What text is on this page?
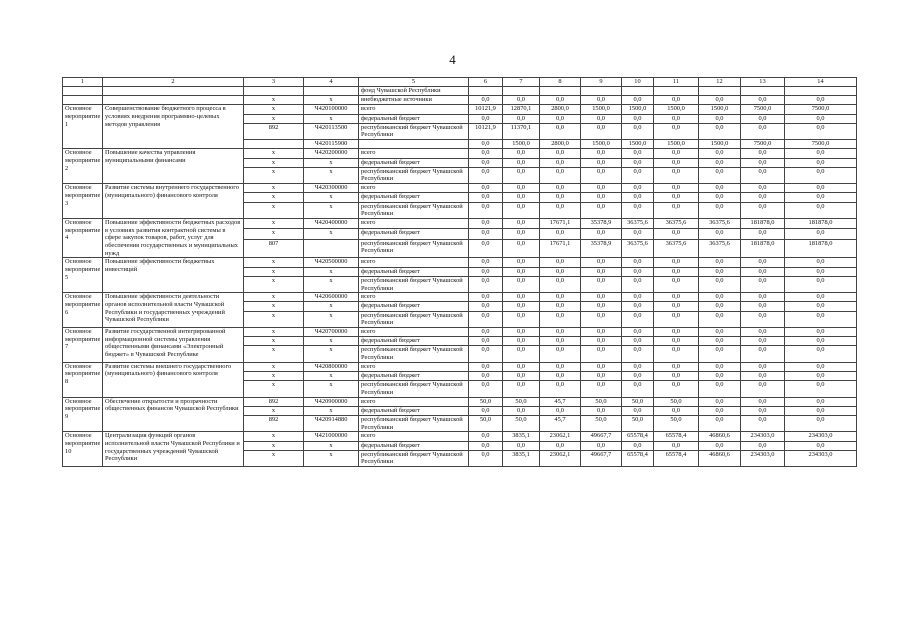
4
1	2	3	4	5	6	7	8	9	10	11	12	13	14
				фонд Чувашской Республики									
		х	х	внебюджетные источники	0,0	0,0	0,0	0,0	0,0	0,0	0,0	0,0	0,0
Основное мероприятие 1	Совершенствование бюджетного процесса в условиях внедрения программно-целевых методов управления	х	Ч420100000	всего	10121,9	12870,1	2800,0	1500,0	1500,0	1500,0	1500,0	7500,0	7500,0
		х	х	федеральный бюджет	0,0	0,0	0,0	0,0	0,0	0,0	0,0	0,0	0,0
		892	Ч420113500	республиканский бюджет Чувашской Республики	10121,9	11370,1	0,0	0,0	0,0	0,0	0,0	0,0	0,0
			Ч420115900		0,0	1500,0	2800,0	1500,0	1500,0	1500,0	1500,0	7500,0	7500,0
Основное мероприятие 2	Повышение качества управления муниципальными финансами	х	Ч420200000	всего	0,0	0,0	0,0	0,0	0,0	0,0	0,0	0,0	0,0
		х	х	федеральный бюджет	0,0	0,0	0,0	0,0	0,0	0,0	0,0	0,0	0,0
		х	х	республиканский бюджет Чувашской Республики	0,0	0,0	0,0	0,0	0,0	0,0	0,0	0,0	0,0
Основное мероприятие 3	Развитие системы внутреннего государственного (муниципального) финансового контроля	х	Ч420300000	всего	0,0	0,0	0,0	0,0	0,0	0,0	0,0	0,0	0,0
		х	х	федеральный бюджет	0,0	0,0	0,0	0,0	0,0	0,0	0,0	0,0	0,0
		х	х	республиканский бюджет Чувашской Республики	0,0	0,0	0,0	0,0	0,0	0,0	0,0	0,0	0,0
Основное мероприятие 4	Повышение эффективности бюджетных расходов в условиях развития контрактной системы в сфере закупок товаров, работ, услуг для обеспечения государственных и муниципальных нужд	х	Ч420400000	всего	0,0	0,0	17671,1	35378,9	36375,6	36375,6	36375,6	181878,0	181878,0
		х	х	федеральный бюджет	0,0	0,0	0,0	0,0	0,0	0,0	0,0	0,0	0,0
		807		республиканский бюджет Чувашской Республики	0,0	0,0	17671,1	35378,9	36375,6	36375,6	36375,6	181878,0	181878,0
Основное мероприятие 5	Повышение эффективности бюджетных инвестиций	х	Ч420500000	всего	0,0	0,0	0,0	0,0	0,0	0,0	0,0	0,0	0,0
		х	х	федеральный бюджет	0,0	0,0	0,0	0,0	0,0	0,0	0,0	0,0	0,0
		х	х	республиканский бюджет Чувашской Республики	0,0	0,0	0,0	0,0	0,0	0,0	0,0	0,0	0,0
Основное мероприятие 6	Повышение эффективности деятельности органов исполнительной власти Чувашской Республики и государственных учреждений Чувашской Республики	х	Ч420600000	всего	0,0	0,0	0,0	0,0	0,0	0,0	0,0	0,0	0,0
		х	х	федеральный бюджет	0,0	0,0	0,0	0,0	0,0	0,0	0,0	0,0	0,0
		х	х	республиканский бюджет Чувашской Республики	0,0	0,0	0,0	0,0	0,0	0,0	0,0	0,0	0,0
Основное мероприятие 7	Развитие государственной интегрированной информационной системы управления общественными финансами «Электронный бюджет» в Чувашской Республике	х	Ч420700000	всего	0,0	0,0	0,0	0,0	0,0	0,0	0,0	0,0	0,0
		х	х	федеральный бюджет	0,0	0,0	0,0	0,0	0,0	0,0	0,0	0,0	0,0
		х	х	республиканский бюджет Чувашской Республики	0,0	0,0	0,0	0,0	0,0	0,0	0,0	0,0	0,0
Основное мероприятие 8	Развитие системы внешнего государственного (муниципального) финансового контроля	х	Ч420800000	всего	0,0	0,0	0,0	0,0	0,0	0,0	0,0	0,0	0,0
		х	х	федеральный бюджет	0,0	0,0	0,0	0,0	0,0	0,0	0,0	0,0	0,0
		х	х	республиканский бюджет Чувашской Республики	0,0	0,0	0,0	0,0	0,0	0,0	0,0	0,0	0,0
Основное мероприятие 9	Обеспечение открытости и прозрачности общественных финансов Чувашской Республики	892	Ч420900000	всего	50,0	50,0	45,7	50,0	50,0	50,0	0,0	0,0	0,0
		х	х	федеральный бюджет	0,0	0,0	0,0	0,0	0,0	0,0	0,0	0,0	0,0
		892	Ч420914880	республиканский бюджет Чувашской Республики	50,0	50,0	45,7	50,0	50,0	50,0	0,0	0,0	0,0
Основное мероприятие 10	Централизация функций органов исполнительной власти Чувашской Республики и государственных учреждений Чувашской Республики	х	Ч421000000	всего	0,0	3835,1	23062,1	49667,7	65578,4	65578,4	46860,6	234303,0	234303,0
		х	х	федеральный бюджет	0,0	0,0	0,0	0,0	0,0	0,0	0,0	0,0	0,0
		х	х	республиканский бюджет Чувашской Республики	0,0	3835,1	23062,1	49667,7	65578,4	65578,4	46860,6	234303,0	234303,0
